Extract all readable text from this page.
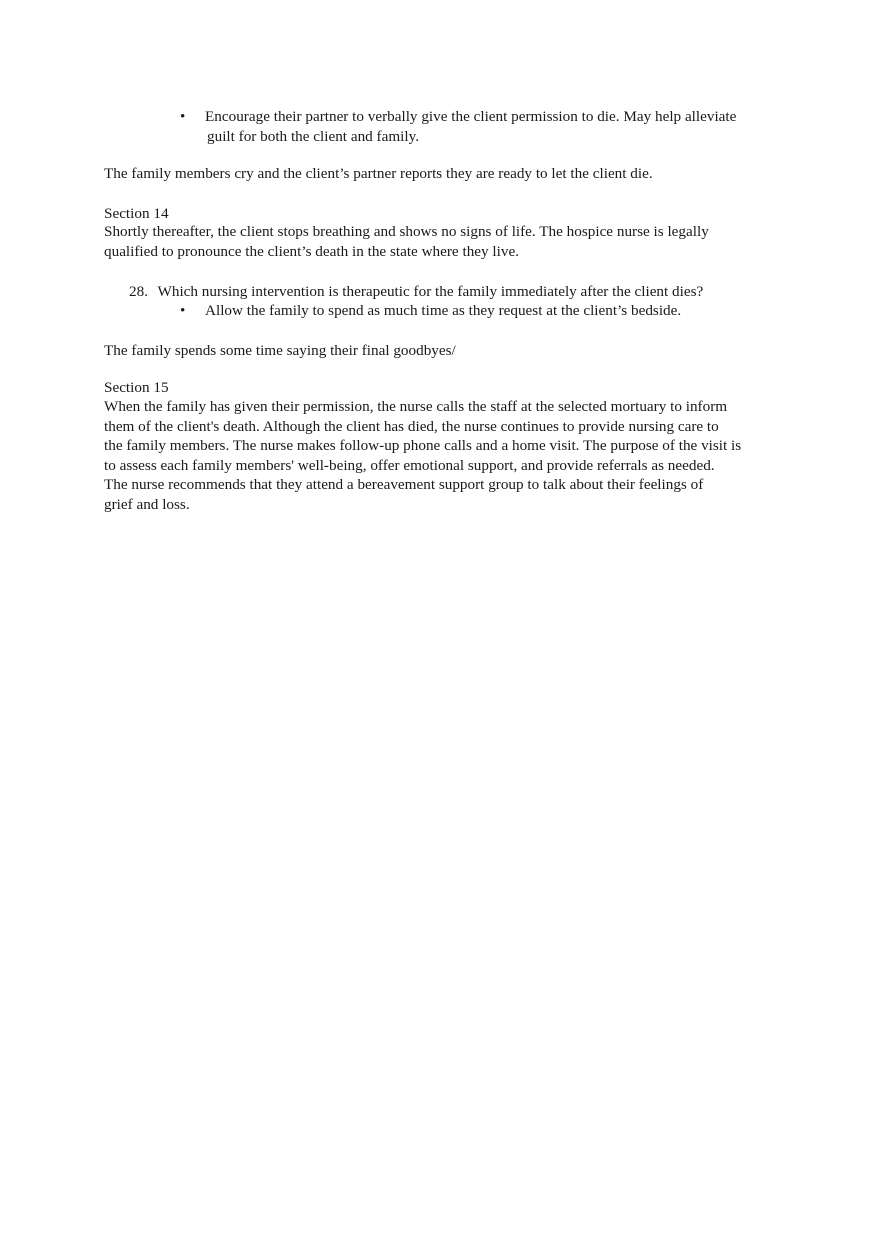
•	Encourage their partner to verbally give the client permission to die. May help alleviate
guilt for both the client and family.
The family members cry and the client’s partner reports they are ready to let the client die.
Section 14
Shortly thereafter, the client stops breathing and shows no signs of life. The hospice nurse is legally
qualified to pronounce the client’s death in the state where they live.
28. Which nursing intervention is therapeutic for the family immediately after the client dies?
•	Allow the family to spend as much time as they request at the client’s bedside.
The family spends some time saying their final goodbyes/
Section 15
When the family has given their permission, the nurse calls the staff at the selected mortuary to inform
them of the client's death. Although the client has died, the nurse continues to provide nursing care to
the family members. The nurse makes follow-up phone calls and a home visit. The purpose of the visit is
to assess each family members' well-being, offer emotional support, and provide referrals as needed.
The nurse recommends that they attend a bereavement support group to talk about their feelings of
grief and loss.
